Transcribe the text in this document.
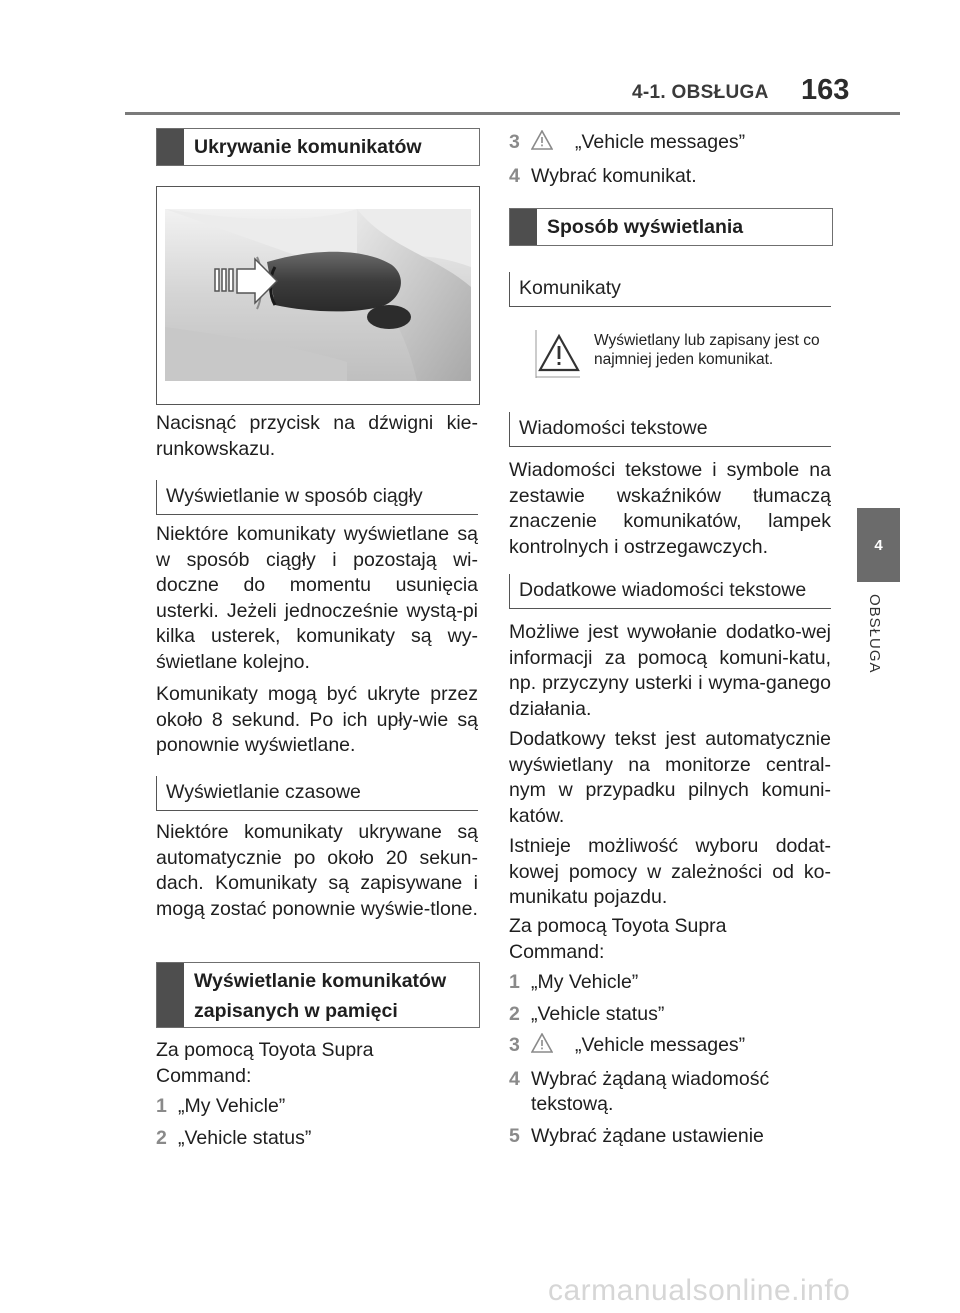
4-1. OBSŁUGA 163
4
OBSŁUGA
Ukrywanie komunikatów
Nacisnąć przycisk na dźwigni kie-runkowskazu.
Wyświetlanie w sposób ciągły
Niektóre komunikaty wyświetlane są w sposób ciągły i pozostają wi-doczne do momentu usunięcia usterki. Jeżeli jednocześnie wystą-pi kilka usterek, komunikaty są wy-świetlane kolejno.
Komunikaty mogą być ukryte przez około 8 sekund. Po ich upły-wie są ponownie wyświetlane.
Wyświetlanie czasowe
Niektóre komunikaty ukrywane są automatycznie po około 20 sekun-dach. Komunikaty są zapisywane i mogą zostać ponownie wyświe-tlone.
Wyświetlanie komunikatów
zapisanych w pamięci
Za pomocą Toyota Supra Command:
1 „My Vehicle”
2 „Vehicle status”
3	„Vehicle messages”
4 Wybrać komunikat.
Sposób wyświetlania
Komunikaty
Wyświetlany lub zapisany jest co najmniej jeden komunikat.
Wiadomości tekstowe
Wiadomości tekstowe i symbole na zestawie wskaźników tłumaczą znaczenie komunikatów, lampek kontrolnych i ostrzegawczych.
Dodatkowe wiadomości tekstowe
Możliwe jest wywołanie dodatko-wej informacji za pomocą komuni-katu, np. przyczyny usterki i wyma-ganego działania.
Dodatkowy tekst jest automatycznie wyświetlany na monitorze central-nym w przypadku pilnych komuni-katów.
Istnieje możliwość wyboru dodat-kowej pomocy w zależności od ko-munikatu pojazdu.
Za pomocą Toyota Supra Command:
1 „My Vehicle”
2 „Vehicle status”
3	„Vehicle messages”
4 Wybrać żądaną wiadomość tekstową.
5 Wybrać żądane ustawienie
carmanualsonline.info
